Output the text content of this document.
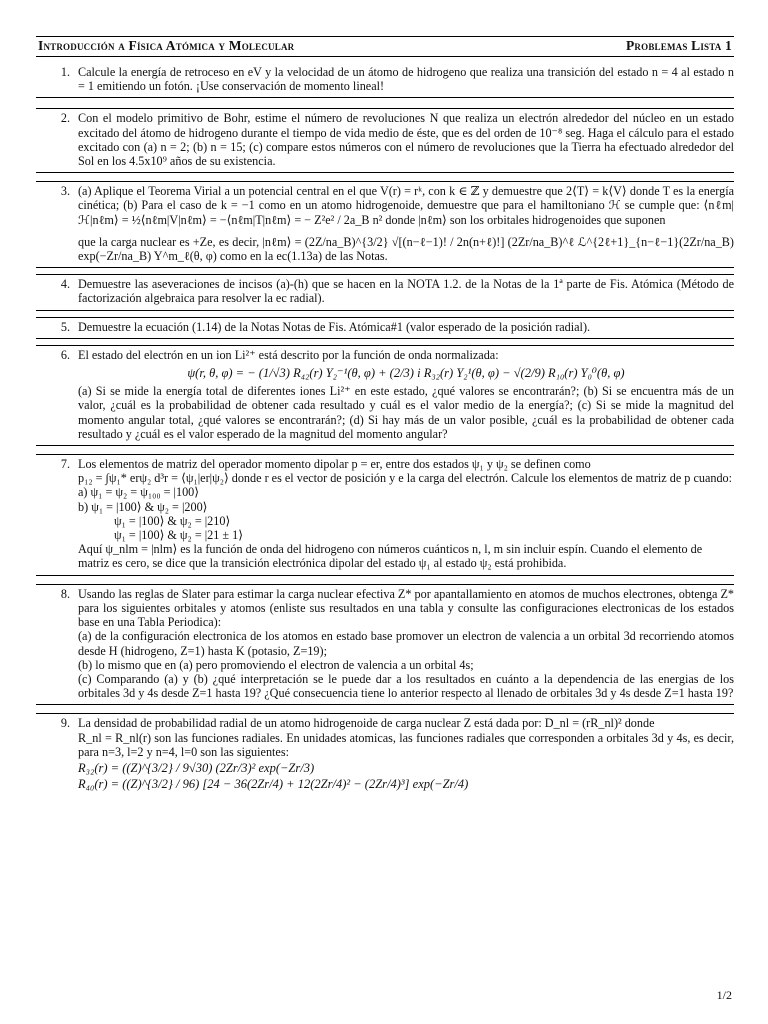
Introducción a Física Atómica y Molecular	Problemas Lista 1
1. Calcule la energía de retroceso en eV y la velocidad de un átomo de hidrogeno que realiza una transición del estado n = 4 al estado n = 1 emitiendo un fotón. ¡Use conservación de momento lineal!

2. Con el modelo primitivo de Bohr, estime el número de revoluciones N que realiza un electrón alrededor del núcleo en un estado excitado del átomo de hidrogeno durante el tiempo de vida medio de éste, que es del orden de 10⁻⁸ seg. Haga el cálculo para el estado excitado con (a) n = 2; (b) n = 15; (c) compare estos números con el número de revoluciones que la Tierra ha efectuado alrededor del Sol en los 4.5x10⁹ años de su existencia.

3. (a) Aplique el Teorema Virial a un potencial central en el que V(r) = rᵏ, con k ∈ ℤ y demuestre que 2⟨T⟩ = k⟨V⟩ donde T es la energía cinética; (b) Para el caso de k = −1 como en un atomo hidrogenoide, demuestre que para el hamiltoniano ℋ se cumple que: ⟨nℓm|ℋ|nℓm⟩ = ½⟨nℓm|V|nℓm⟩ = −⟨nℓm|T|nℓm⟩ = − Z²e² / 2a_B n² donde |nℓm⟩ son los orbitales hidrogenoides que suponen

que la carga nuclear es +Ze, es decir, |nℓm⟩ = (2Z/na_B)^{3/2} √[(n−ℓ−1)! / 2n(n+ℓ)!] (2Zr/na_B)^ℓ ℒ^{2ℓ+1}_{n−ℓ−1}(2Zr/na_B) exp(−Zr/na_B) Y^m_ℓ(θ, φ) como en la ec(1.13a) de las Notas.

4. Demuestre las aseveraciones de incisos (a)-(h) que se hacen en la NOTA 1.2. de la Notas de la 1ª parte de Fis. Atómica (Método de factorización algebraica para resolver la ec radial).

5. Demuestre la ecuación (1.14) de la Notas Notas de Fis. Atómica#1 (valor esperado de la posición radial).

6. El estado del electrón en un ion Li²⁺ está descrito por la función de onda normalizada:

ψ(r, θ, φ) = − (1/√3) R₄₂(r) Y₂⁻¹(θ, φ) + (2/3) i R₃₂(r) Y₂¹(θ, φ) − √(2/9) R₁₀(r) Y₀⁰(θ, φ)

(a) Si se mide la energía total de diferentes iones Li²⁺ en este estado, ¿qué valores se encontrarán?; (b) Si se encuentra más de un valor, ¿cuál es la probabilidad de obtener cada resultado y cuál es el valor medio de la energía?; (c) Si se mide la magnitud del momento angular total, ¿qué valores se encontrarán?; (d) Si hay más de un valor posible, ¿cuál es la probabilidad de obtener cada resultado y ¿cuál es el valor esperado de la magnitud del momento angular?

7. Los elementos de matriz del operador momento dipolar p = er, entre dos estados ψ₁ y ψ₂ se definen como

p₁₂ = ∫ψ₁* erψ₂ d³r = ⟨ψ₁|er|ψ₂⟩ donde r es el vector de posición y e la carga del electrón. Calcule los elementos de matriz de p cuando:

a) ψ₁ = ψ₂ = ψ₁₀₀ = |100⟩

b) ψ₁ = |100⟩ & ψ₂ = |200⟩

ψ₁ = |100⟩ & ψ₂ = |210⟩

ψ₁ = |100⟩ & ψ₂ = |21 ± 1⟩

Aquí ψ_nlm = |nlm⟩ es la función de onda del hidrogeno con números cuánticos n, l, m sin incluir espín. Cuando el elemento de matriz es cero, se dice que la transición electrónica dipolar del estado ψ₁ al estado ψ₂ está prohibida.

8. Usando las reglas de Slater para estimar la carga nuclear efectiva Z* por apantallamiento en atomos de muchos electrones, obtenga Z* para los siguientes orbitales y atomos (enliste sus resultados en una tabla y consulte las configuraciones electronicas de los estados base en una Tabla Periodica):

(a) de la configuración electronica de los atomos en estado base promover un electron de valencia a un orbital 3d recorriendo atomos desde H (hidrogeno, Z=1) hasta K (potasio, Z=19);

(b) lo mismo que en (a) pero promoviendo el electron de valencia a un orbital 4s;

(c) Comparando (a) y (b) ¿qué interpretación se le puede dar a los resultados en cuánto a la dependencia de las energias de los orbitales 3d y 4s desde Z=1 hasta 19? ¿Qué consecuencia tiene lo anterior respecto al llenado de orbitales 3d y 4s desde Z=1 hasta 19?

9. La densidad de probabilidad radial de un atomo hidrogenoide de carga nuclear Z está dada por: D_nl = (rR_nl)² donde

R_nl = R_nl(r) son las funciones radiales. En unidades atomicas, las funciones radiales que corresponden a orbitales 3d y 4s, es decir, para n=3, l=2 y n=4, l=0 son las siguientes:

R₃₂(r) = ((Z)^{3/2} / 9√30) (2Zr/3)² exp(−Zr/3)

R₄₀(r) = ((Z)^{3/2} / 96) [24 − 36(2Zr/4) + 12(2Zr/4)² − (2Zr/4)³] exp(−Zr/4)

1/2
